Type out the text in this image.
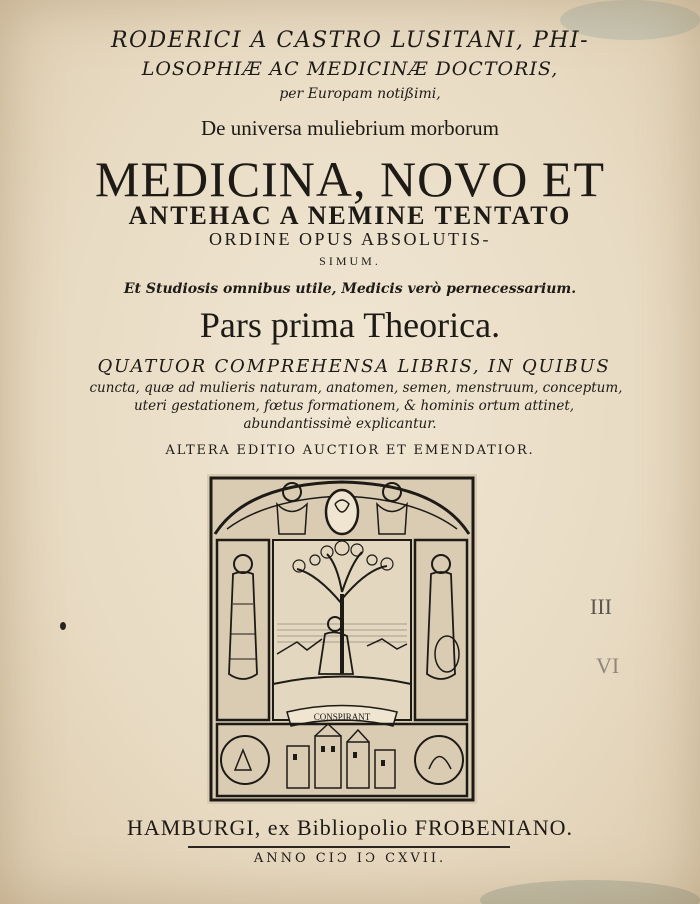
RODERICI A CASTRO LUSITANI, PHI-
LOSOPHIÆ AC MEDICINÆ DOCTORIS,
per Europam notißimi,
De universa muliebrium morborum
MEDICINA, NOVO ET
ANTEHAC A NEMINE TENTATO
ORDINE OPUS ABSOLUTIS-
SIMUM.
Et Studiosis omnibus utile, Medicis verò pernecessarium.
Pars prima Theorica.
QUATUOR COMPREHENSA LIBRIS, IN QUIBUS
cuncta, quæ ad mulieris naturam, anatomen, semen, menstruum, conceptum,
uteri gestationem, fœtus formationem, & hominis ortum attinet,
abundantissimè explicantur.
ALTERA EDITIO AUCTIOR ET EMENDATIOR.
CONSPIRANT
HAMBURGI, ex Bibliopolio FROBENIANO.
ANNO CIƆ IƆ CXVII.
III
VI
